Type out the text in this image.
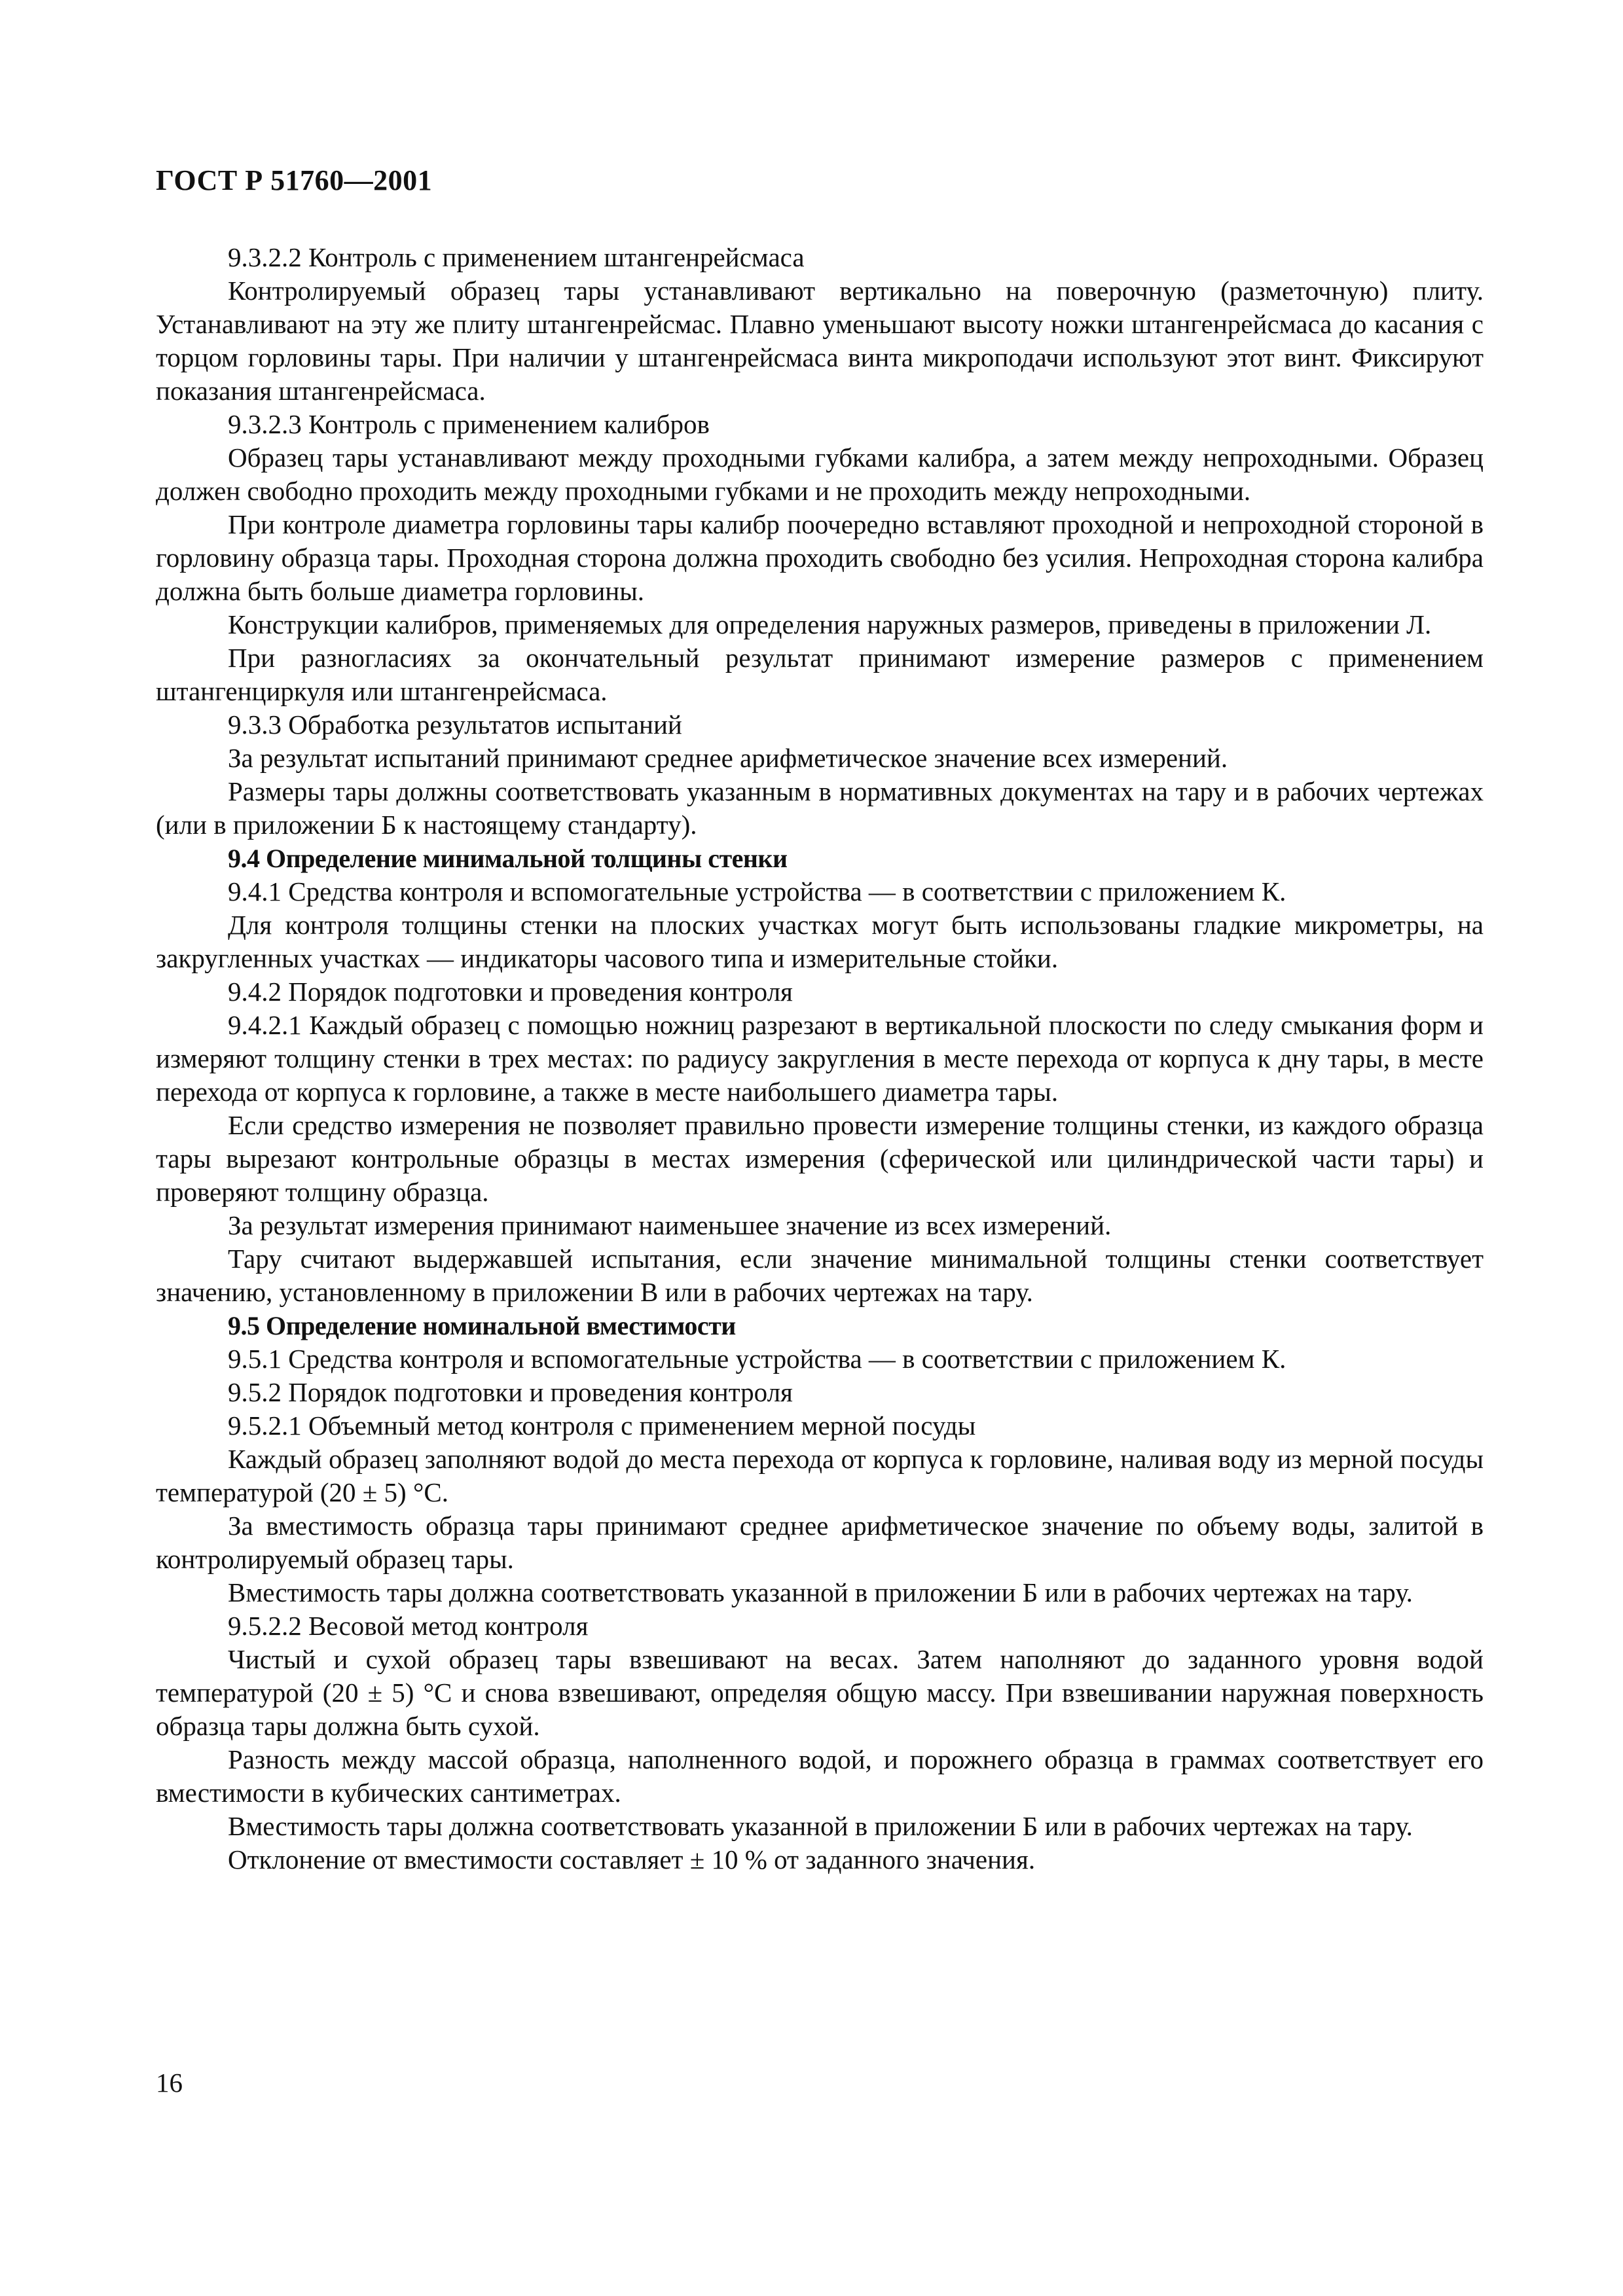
ГОСТ Р 51760—2001

9.3.2.2 Контроль с применением штангенрейсмаса

Контролируемый образец тары устанавливают вертикально на поверочную (разметочную) плиту. Устанавливают на эту же плиту штангенрейсмас. Плавно уменьшают высоту ножки штангенрейсмаса до касания с торцом горловины тары. При наличии у штангенрейсмаса винта микроподачи используют этот винт. Фиксируют показания штангенрейсмаса.

9.3.2.3 Контроль с применением калибров

Образец тары устанавливают между проходными губками калибра, а затем между непроходными. Образец должен свободно проходить между проходными губками и не проходить между непроходными.

При контроле диаметра горловины тары калибр поочередно вставляют проходной и непроходной стороной в горловину образца тары. Проходная сторона должна проходить свободно без усилия. Непроходная сторона калибра должна быть больше диаметра горловины.

Конструкции калибров, применяемых для определения наружных размеров, приведены в приложении Л.

При разногласиях за окончательный результат принимают измерение размеров с применением штангенциркуля или штангенрейсмаса.

9.3.3 Обработка результатов испытаний

За результат испытаний принимают среднее арифметическое значение всех измерений.

Размеры тары должны соответствовать указанным в нормативных документах на тару и в рабочих чертежах (или в приложении Б к настоящему стандарту).

9.4 Определение минимальной толщины стенки

9.4.1 Средства контроля и вспомогательные устройства — в соответствии с приложением К.

Для контроля толщины стенки на плоских участках могут быть использованы гладкие микрометры, на закругленных участках — индикаторы часового типа и измерительные стойки.

9.4.2 Порядок подготовки и проведения контроля

9.4.2.1 Каждый образец с помощью ножниц разрезают в вертикальной плоскости по следу смыкания форм и измеряют толщину стенки в трех местах: по радиусу закругления в месте перехода от корпуса к дну тары, в месте перехода от корпуса к горловине, а также в месте наибольшего диаметра тары.

Если средство измерения не позволяет правильно провести измерение толщины стенки, из каждого образца тары вырезают контрольные образцы в местах измерения (сферической или цилиндрической части тары) и проверяют толщину образца.

За результат измерения принимают наименьшее значение из всех измерений.

Тару считают выдержавшей испытания, если значение минимальной толщины стенки соответствует значению, установленному в приложении В или в рабочих чертежах на тару.

9.5 Определение номинальной вместимости

9.5.1 Средства контроля и вспомогательные устройства — в соответствии с приложением К.

9.5.2 Порядок подготовки и проведения контроля

9.5.2.1 Объемный метод контроля с применением мерной посуды

Каждый образец заполняют водой до места перехода от корпуса к горловине, наливая воду из мерной посуды температурой (20 ± 5) °С.

За вместимость образца тары принимают среднее арифметическое значение по объему воды, залитой в контролируемый образец тары.

Вместимость тары должна соответствовать указанной в приложении Б или в рабочих чертежах на тару.

9.5.2.2 Весовой метод контроля

Чистый и сухой образец тары взвешивают на весах. Затем наполняют до заданного уровня водой температурой (20 ± 5) °С и снова взвешивают, определяя общую массу. При взвешивании наружная поверхность образца тары должна быть сухой.

Разность между массой образца, наполненного водой, и порожнего образца в граммах соответствует его вместимости в кубических сантиметрах.

Вместимость тары должна соответствовать указанной в приложении Б или в рабочих чертежах на тару.

Отклонение от вместимости составляет ± 10 % от заданного значения.

16
